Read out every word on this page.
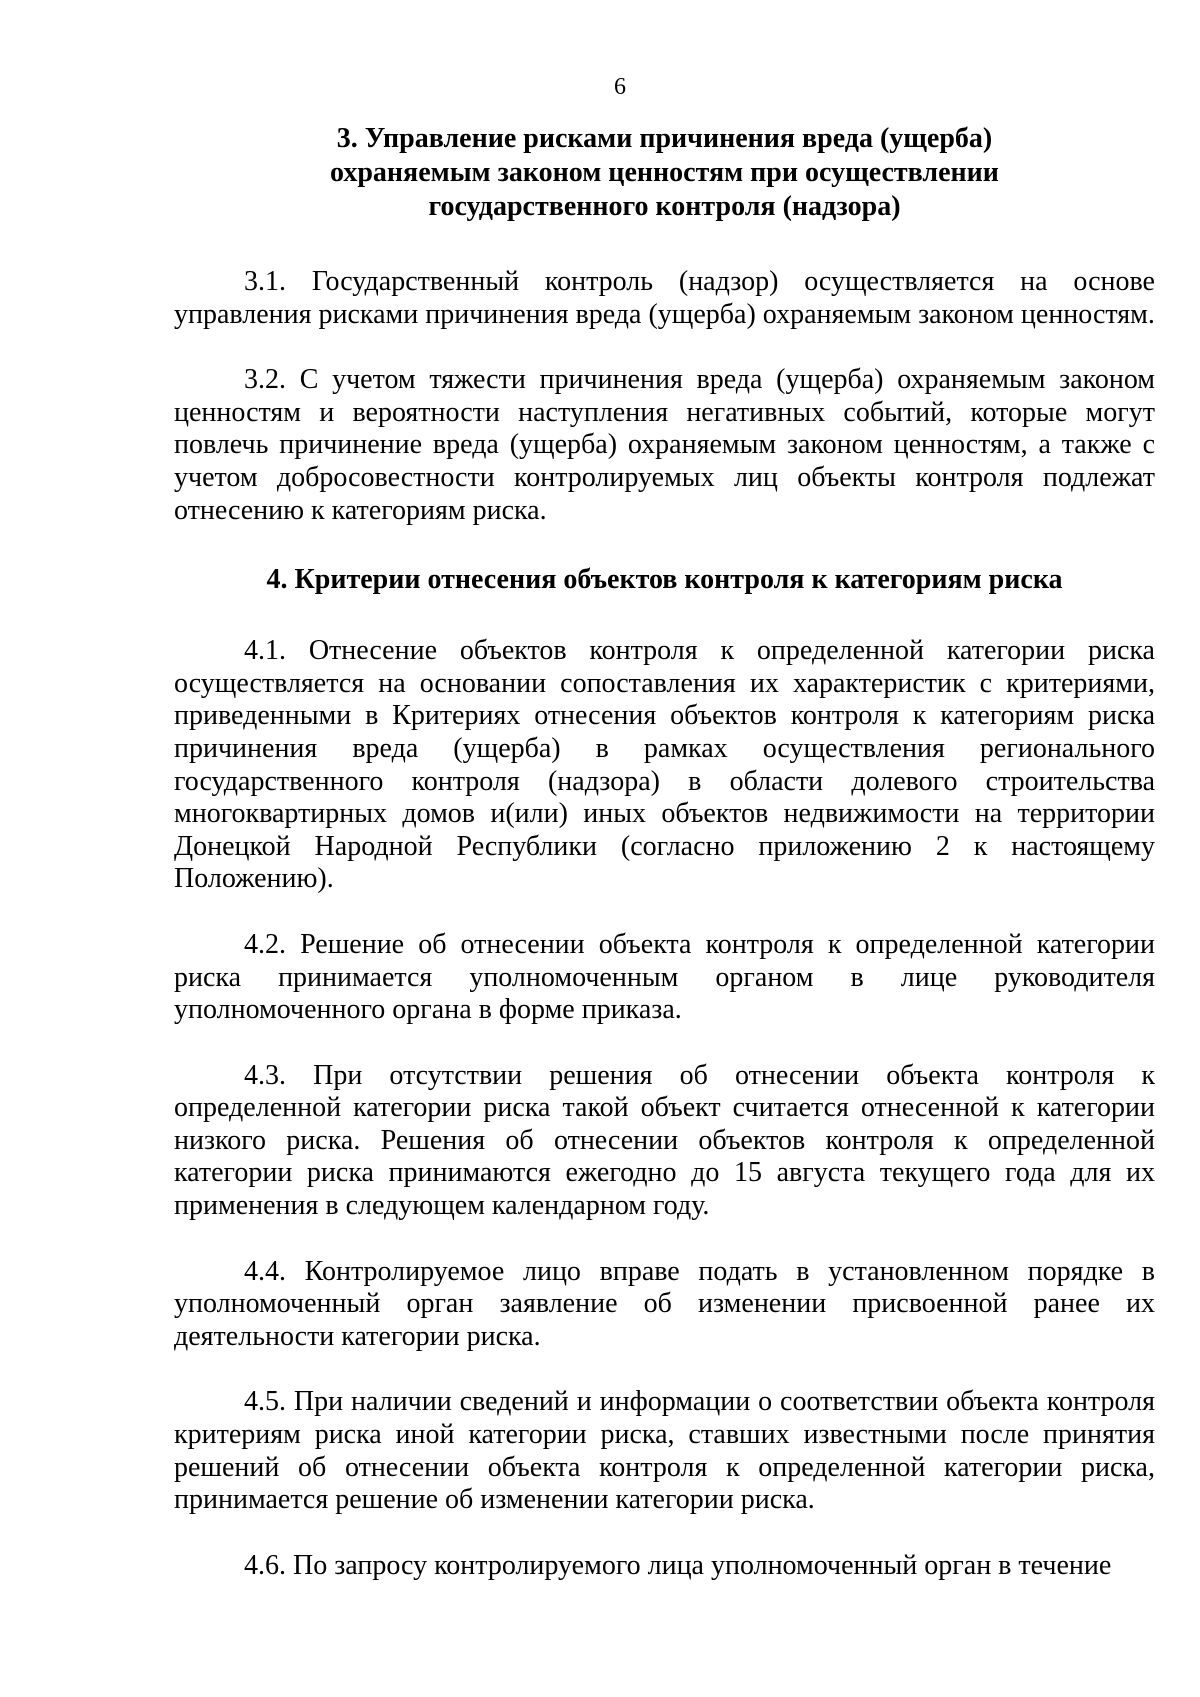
6
3. Управление рисками причинения вреда (ущерба)
охраняемым законом ценностям при осуществлении
государственного контроля (надзора)

3.1. Государственный контроль (надзор) осуществляется на основе управления рисками причинения вреда (ущерба) охраняемым законом ценностям.

3.2. С учетом тяжести причинения вреда (ущерба) охраняемым законом ценностям и вероятности наступления негативных событий, которые могут повлечь причинение вреда (ущерба) охраняемым законом ценностям, а также с учетом добросовестности контролируемых лиц объекты контроля подлежат отнесению к категориям риска.

4. Критерии отнесения объектов контроля к категориям риска

4.1. Отнесение объектов контроля к определенной категории риска осуществляется на основании сопоставления их характеристик с критериями, приведенными в Критериях отнесения объектов контроля к категориям риска причинения вреда (ущерба) в рамках осуществления регионального государственного контроля (надзора) в области долевого строительства многоквартирных домов и(или) иных объектов недвижимости на территории Донецкой Народной Республики (согласно приложению 2 к настоящему Положению).

4.2. Решение об отнесении объекта контроля к определенной категории риска принимается уполномоченным органом в лице руководителя уполномоченного органа в форме приказа.

4.3. При отсутствии решения об отнесении объекта контроля к определенной категории риска такой объект считается отнесенной к категории низкого риска. Решения об отнесении объектов контроля к определенной категории риска принимаются ежегодно до 15 августа текущего года для их применения в следующем календарном году.

4.4. Контролируемое лицо вправе подать в установленном порядке в уполномоченный орган заявление об изменении присвоенной ранее их деятельности категории риска.

4.5. При наличии сведений и информации о соответствии объекта контроля критериям риска иной категории риска, ставших известными после принятия решений об отнесении объекта контроля к определенной категории риска, принимается решение об изменении категории риска.

4.6. По запросу контролируемого лица уполномоченный орган в течение
